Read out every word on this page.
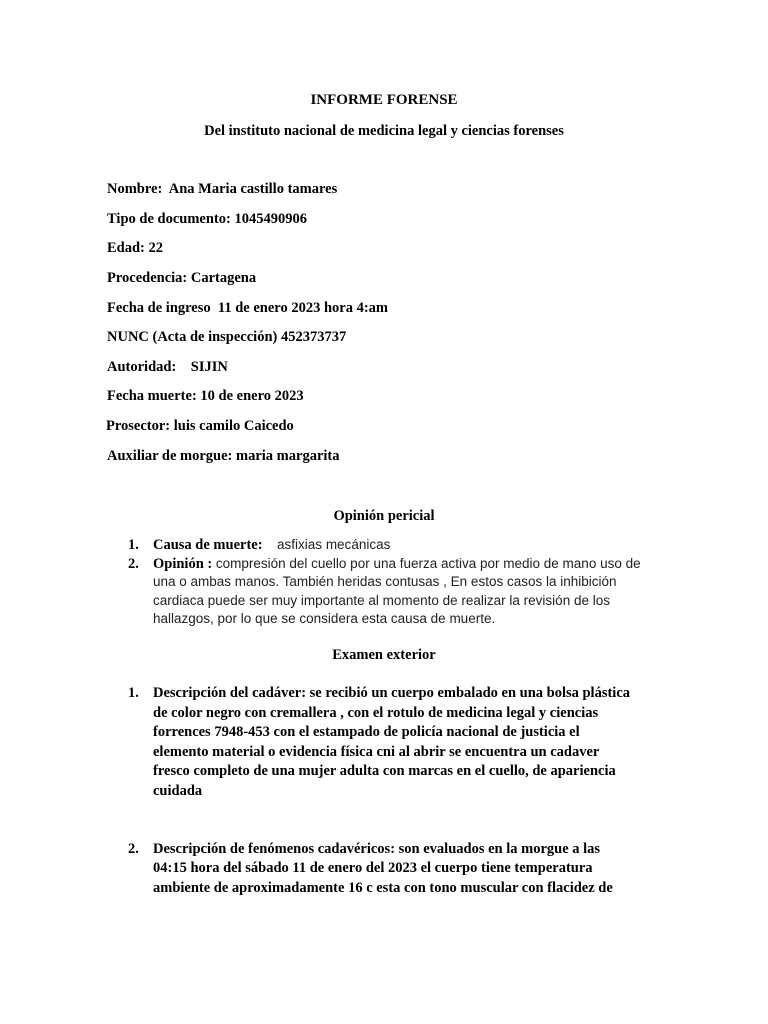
INFORME FORENSE
Del instituto nacional de medicina legal y ciencias forenses
Nombre: Ana Maria castillo tamares
Tipo de documento: 1045490906
Edad: 22
Procedencia: Cartagena
Fecha de ingreso 11 de enero 2023 hora 4:am
NUNC (Acta de inspección) 452373737
Autoridad: SIJIN
Fecha muerte: 10 de enero 2023
Prosector: luis camilo Caicedo
Auxiliar de morgue: maria margarita
Opinión pericial
1. Causa de muerte: asfixias mecánicas
2. Opinión : compresión del cuello por una fuerza activa por medio de mano uso de
una o ambas manos. También heridas contusas , En estos casos la inhibición
cardiaca puede ser muy importante al momento de realizar la revisión de los
hallazgos, por lo que se considera esta causa de muerte.
Examen exterior
1. Descripción del cadáver: se recibió un cuerpo embalado en una bolsa plástica
de color negro con cremallera , con el rotulo de medicina legal y ciencias
forrences 7948-453 con el estampado de policía nacional de justicia el
elemento material o evidencia física cni al abrir se encuentra un cadaver
fresco completo de una mujer adulta con marcas en el cuello, de apariencia
cuidada
2. Descripción de fenómenos cadavéricos: son evaluados en la morgue a las
04:15 hora del sábado 11 de enero del 2023 el cuerpo tiene temperatura
ambiente de aproximadamente 16 c esta con tono muscular con flacidez de
